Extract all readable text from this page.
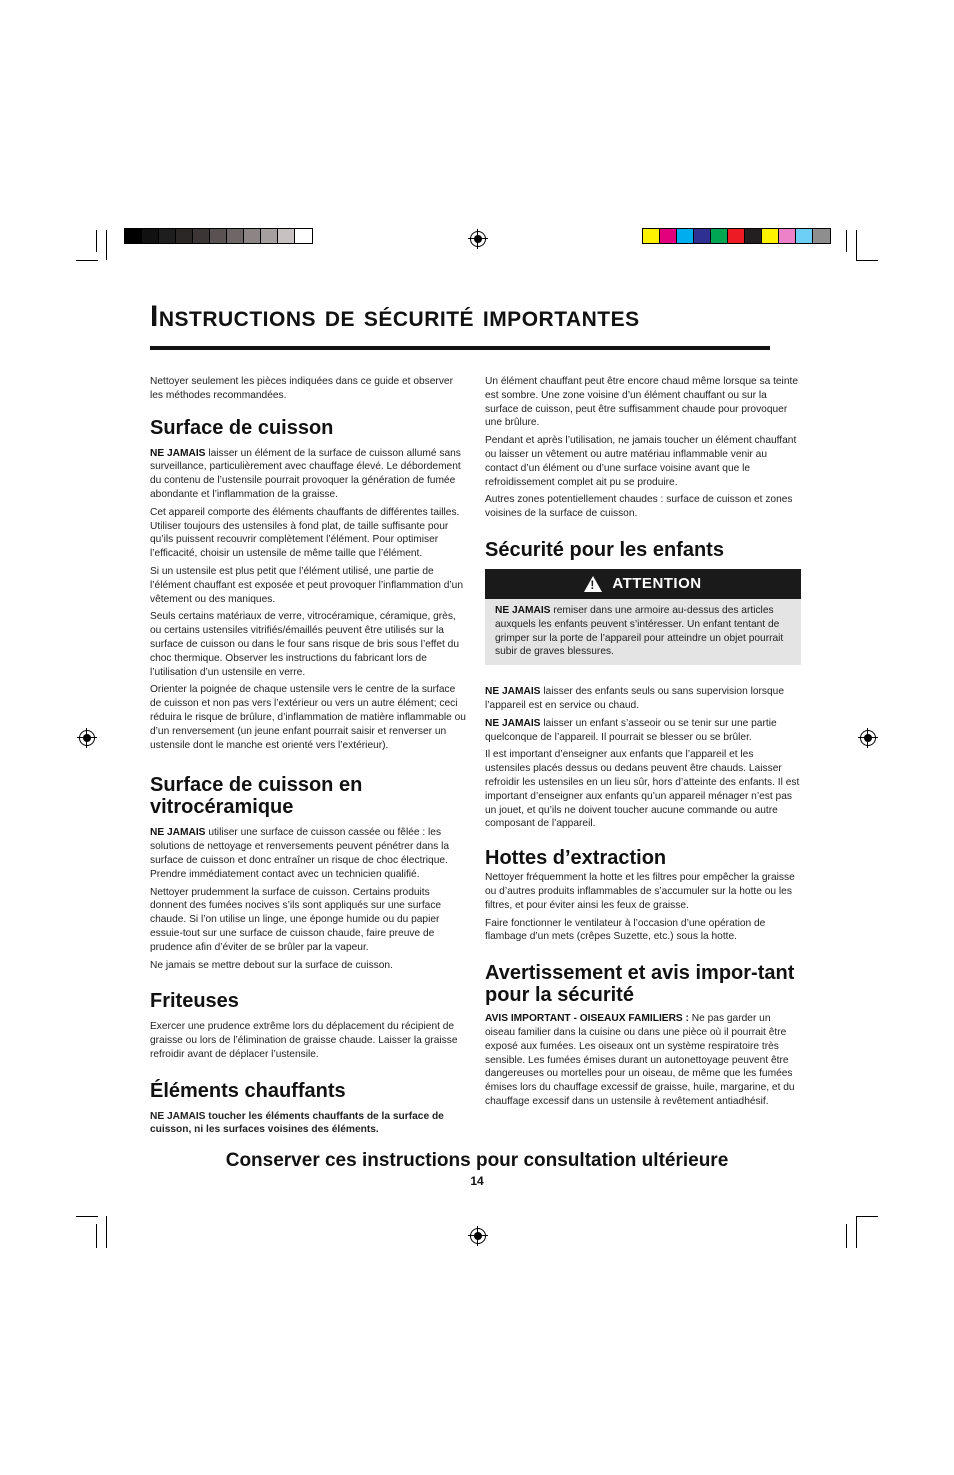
Instructions de sécurité importantes

Nettoyer seulement les pièces indiquées dans ce guide et observer les méthodes recommandées.

Surface de cuisson

NE JAMAIS laisser un élément de la surface de cuisson allumé sans surveillance, particulièrement avec chauffage élevé. Le débordement du contenu de l’ustensile pourrait provoquer la génération de fumée abondante et l’inflammation de la graisse.

Cet appareil comporte des éléments chauffants de différentes tailles. Utiliser toujours des ustensiles à fond plat, de taille suffisante pour qu’ils puissent recouvrir complètement l’élément. Pour optimiser l’efficacité, choisir un ustensile de même taille que l’élément.

Si un ustensile est plus petit que l’élément utilisé, une partie de l’élément chauffant est exposée et peut provoquer l’inflammation d’un vêtement ou des maniques.

Seuls certains matériaux de verre, vitrocéramique, céramique, grès, ou certains ustensiles vitrifiés/émaillés peuvent être utilisés sur la surface de cuisson ou dans le four sans risque de bris sous l’effet du choc thermique. Observer les instructions du fabricant lors de l’utilisation d’un ustensile en verre.

Orienter la poignée de chaque ustensile vers le centre de la surface de cuisson et non pas vers l’extérieur ou vers un autre élément; ceci réduira le risque de brûlure, d’inflammation de matière inflammable ou d’un renversement (un jeune enfant pourrait saisir et renverser un ustensile dont le manche est orienté vers l’extérieur).

Surface de cuisson en vitrocéramique

NE JAMAIS utiliser une surface de cuisson cassée ou fêlée : les solutions de nettoyage et renversements peuvent pénétrer dans la surface de cuisson et donc entraîner un risque de choc électrique. Prendre immédiatement contact avec un technicien qualifié.

Nettoyer prudemment la surface de cuisson. Certains produits donnent des fumées nocives s’ils sont appliqués sur une surface chaude. Si l’on utilise un linge, une éponge humide ou du papier essuie-tout sur une surface de cuisson chaude, faire preuve de prudence afin d’éviter de se brûler par la vapeur.

Ne jamais se mettre debout sur la surface de cuisson.

Friteuses

Exercer une prudence extrême lors du déplacement du récipient de graisse ou lors de l’élimination de graisse chaude. Laisser la graisse refroidir avant de déplacer l’ustensile.

Éléments chauffants

NE JAMAIS toucher les éléments chauffants de la surface de cuisson, ni les surfaces voisines des éléments.

Un élément chauffant peut être encore chaud même lorsque sa teinte est sombre. Une zone voisine d’un élément chauffant ou sur la surface de cuisson, peut être suffisamment chaude pour provoquer une brûlure.

Pendant et après l’utilisation, ne jamais toucher un élément chauffant ou laisser un vêtement ou autre matériau inflammable venir au contact d’un élément ou d’une surface voisine avant que le refroidissement complet ait pu se produire.

Autres zones potentiellement chaudes : surface de cuisson et zones voisines de la surface de cuisson.

Sécurité pour les enfants
!
ATTENTION

NE JAMAIS remiser dans une armoire au-dessus des articles auxquels les enfants peuvent s’intéresser. Un enfant tentant de grimper sur la porte de l’appareil pour atteindre un objet pourrait subir de graves blessures.

NE JAMAIS laisser des enfants seuls ou sans supervision lorsque l’appareil est en service ou chaud.

NE JAMAIS laisser un enfant s’asseoir ou se tenir sur une partie quelconque de l’appareil. Il pourrait se blesser ou se brûler.

Il est important d’enseigner aux enfants que l’appareil et les ustensiles placés dessus ou dedans peuvent être chauds. Laisser refroidir les ustensiles en un lieu sûr, hors d’atteinte des enfants. Il est important d’enseigner aux enfants qu’un appareil ménager n’est pas un jouet, et qu’ils ne doivent toucher aucune commande ou autre composant de l’appareil.

Hottes d’extraction

Nettoyer fréquemment la hotte et les filtres pour empêcher la graisse ou d’autres produits inflammables de s’accumuler sur la hotte ou les filtres, et pour éviter ainsi les feux de graisse.

Faire fonctionner le ventilateur à l’occasion d’une opération de flambage d’un mets (crêpes Suzette, etc.) sous la hotte.

Avertissement et avis impor-tant pour la sécurité

AVIS IMPORTANT - OISEAUX FAMILIERS : Ne pas garder un oiseau familier dans la cuisine ou dans une pièce où il pourrait être exposé aux fumées. Les oiseaux ont un système respiratoire très sensible. Les fumées émises durant un autonettoyage peuvent être dangereuses ou mortelles pour un oiseau, de même que les fumées émises lors du chauffage excessif de graisse, huile, margarine, et du chauffage excessif dans un ustensile à revêtement antiadhésif.

Conserver ces instructions pour consultation ultérieure
14
